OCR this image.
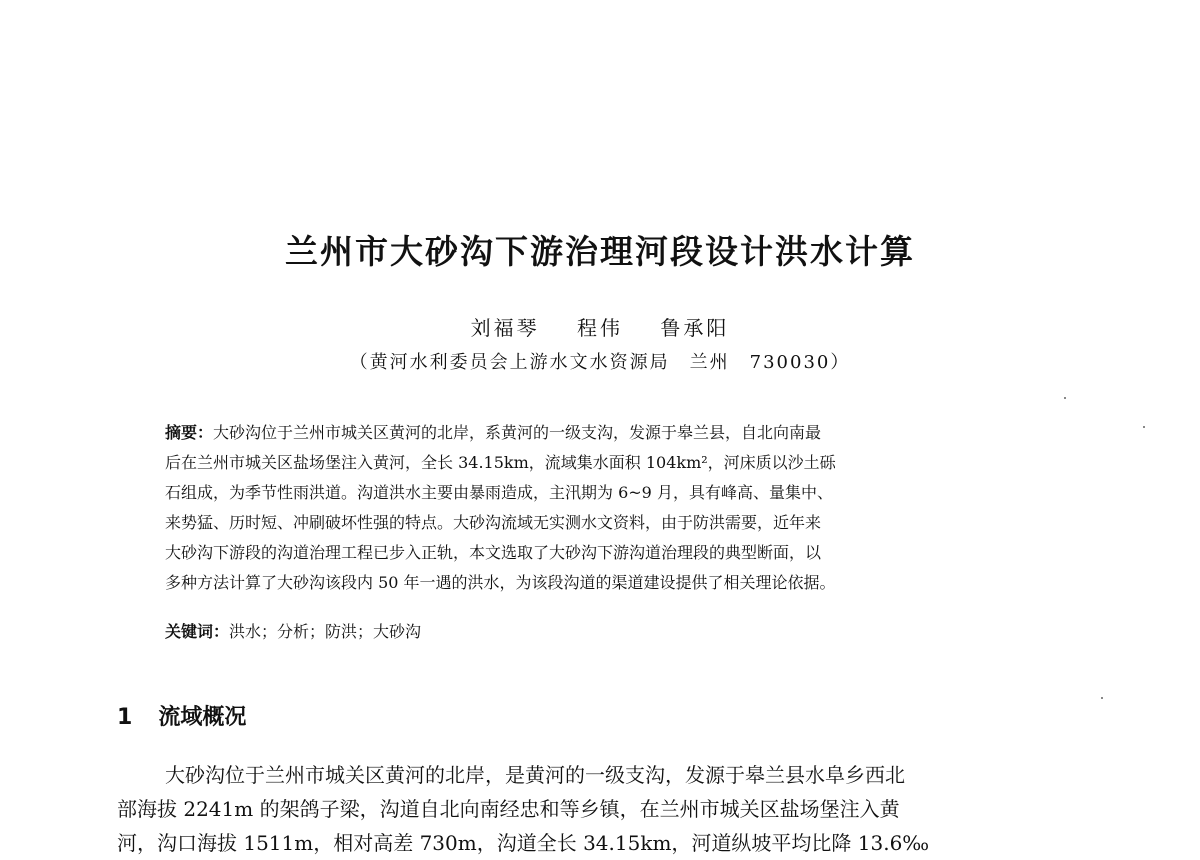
兰州市大砂沟下游治理河段设计洪水计算
刘福琴 程伟 鲁承阳
（黄河水利委员会上游水文水资源局　兰州　730030）
摘要：大砂沟位于兰州市城关区黄河的北岸，系黄河的一级支沟，发源于皋兰县，自北向南最
后在兰州市城关区盐场堡注入黄河，全长 34.15km，流域集水面积 104km²，河床质以沙土砾
石组成，为季节性雨洪道。沟道洪水主要由暴雨造成，主汛期为 6~9 月，具有峰高、量集中、
来势猛、历时短、冲刷破坏性强的特点。大砂沟流域无实测水文资料，由于防洪需要，近年来
大砂沟下游段的沟道治理工程已步入正轨，本文选取了大砂沟下游沟道治理段的典型断面，以
多种方法计算了大砂沟该段内 50 年一遇的洪水，为该段沟道的渠道建设提供了相关理论依据。
关键词：洪水；分析；防洪；大砂沟
1 流域概况
大砂沟位于兰州市城关区黄河的北岸，是黄河的一级支沟，发源于皋兰县水阜乡西北
部海拔 2241m 的架鸽子梁，沟道自北向南经忠和等乡镇，在兰州市城关区盐场堡注入黄
河，沟口海拔 1511m，相对高差 730m，沟道全长 34.15km，河道纵坡平均比降 13.6‰
